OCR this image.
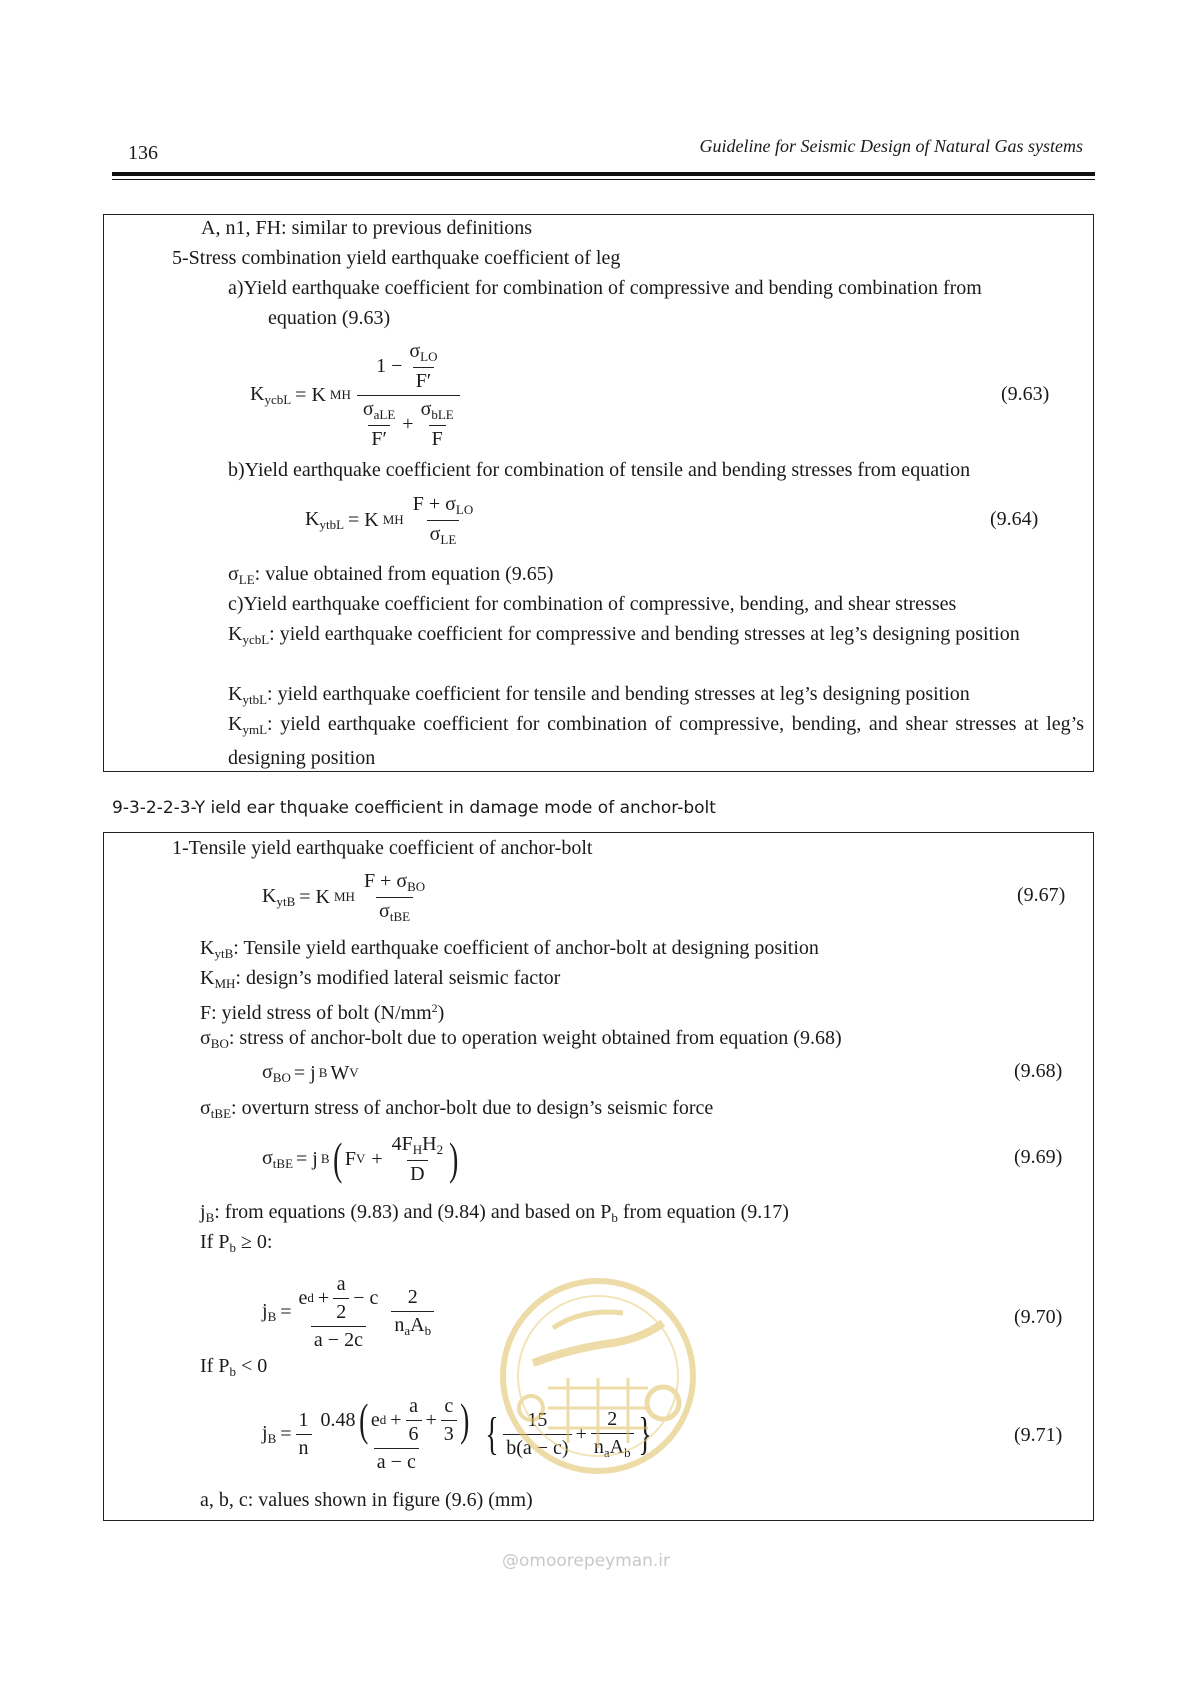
136	Guideline for Seismic Design of Natural Gas systems
A, n1, FH: similar to previous definitions
5-Stress combination yield earthquake coefficient of leg
a)Yield earthquake coefficient for combination of compressive and bending combination from
equation (9.63)
$K_{ycbL} = K$ MH $\frac{1 - \frac{\sigma_{LO}}{F'}}{\frac{\sigma_{aLE}}{F'} + \frac{\sigma_{bLE}}{F}}$	(9.63)
b)Yield earthquake coefficient for combination of tensile and bending stresses from equation
$K_{ytbL} = K$ MH $\frac{F + \sigma_{LO}}{\sigma_{LE}}$	(9.64)
$\sigma_{LE}$: value obtained from equation (9.65)
c)Yield earthquake coefficient for combination of compressive, bending, and shear stresses
$K_{ycbL}$: yield earthquake coefficient for compressive and bending stresses at leg’s designing position
$K_{ytbL}$: yield earthquake coefficient for tensile and bending stresses at leg’s designing position
$K_{ymL}$: yield earthquake coefficient for combination of compressive, bending, and shear stresses at leg’s designing position
9-3-2-2-3-Y ield ear thquake coefficient in damage mode of anchor-bolt
1-Tensile yield earthquake coefficient of anchor-bolt
$K_{ytB} = K$ MH $\frac{F + \sigma_{BO}}{\sigma_{tBE}}$	(9.67)
$K_{ytB}$: Tensile yield earthquake coefficient of anchor-bolt at designing position
$K_{MH}$: design’s modified lateral seismic factor
F: yield stress of bolt $(N/mm^2)$
$\sigma_{BO}$: stress of anchor-bolt due to operation weight obtained from equation (9.68)
$\sigma_{BO} = j$ B W V	(9.68)
$\sigma_{tBE}$: overturn stress of anchor-bolt due to design’s seismic force
$\sigma_{tBE} = j$ B ( F $V + \frac{4F_HH_2}{D}$ )	(9.69)
$j_B$: from equations (9.83) and (9.84) and based on $P_b$ from equation (9.17)
If $P_b \ge 0$:
$j_B = \frac{e d + \frac{a}{2} - c}{a - 2c} \frac{2}{n_aA_b}$	(9.70)
If $P_b < 0$
$j_B = \frac{1}{n} 0.48$ ( e $d + \frac{a}{6} + \frac{c}{3}$ )
a − c
{ $\frac{15}{b(a - c)} + \frac{2}{n_aA_b}$ }	(9.71)
a, b, c: values shown in figure (9.6) (mm)
@omoorepeyman.ir
